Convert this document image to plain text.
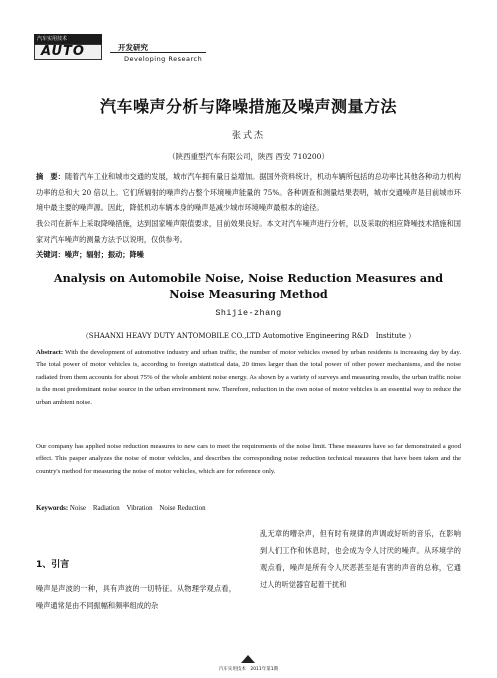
汽车实用技术
AUTO	开发研究
Developing Research
汽车噪声分析与降噪措施及噪声测量方法
张式杰
（陕西重型汽车有限公司，陕西 西安 710200）
摘　要：随着汽车工业和城市交通的发展，城市汽车拥有量日益增加。据国外资料统计，机动车辆所包括的总功率比其他各种动力机构功率的总和大 20 倍以上。它们所辐射的噪声约占整个环境噪声能量的 75%。各种调查和测量结果表明，城市交通噪声是目前城市环境中最主要的噪声源。因此，降低机动车辆本身的噪声是减少城市环境噪声最根本的途径。
我公司在新车上采取降噪措施，达到国家噪声限值要求，目前效果良好。本文对汽车噪声进行分析，以及采取的相应降噪技术措施和国家对汽车噪声的测量方法予以说明，仅供参考。
关键词：噪声；辐射；振动；降噪
Analysis on Automobile Noise, Noise Reduction Measures and Noise Measuring Method
Shijie-zhang
（SHAANXI HEAVY DUTY ANTOMOBILE CO.,LTD Automotive Engineering R&D　Institute ）
Abstract: With the development of automotive industry and urban traffic, the number of motor vehicles owned by urban residents is increasing day by day. The total power of motor vehicles is, according to foreign statistical data, 20 times larger than the total power of other power mechanisms, and the noise radiated from them accounts for about 75% of the whole ambient noise energy. As shown by a variety of surveys and measuring results, the urban traffic noise is the most predominant noise source in the urban environment now. Therefore, reduction in the own noise of motor vehicles is an essential way to reduce the urban ambient noise.
Our company has applied noise reduction measures to new cars to meet the requirements of the noise limit. These measures have so far demonstrated a good effect. This pasper analyzes the noise of motor vehicles, and describes the corresponding noise reduction technical measures that have been taken and the country's method for measuring the noise of motor vehicles, which are for reference only.
Keywords: Noise　Radiation　Vibration　Noise Reduction
1、引言
噪声是声波的一种，具有声波的一切特征。从物理学观点看，噪声通常是由不同振幅和频率组成的杂
乱无章的嘈杂声，但有时有规律的声调或好听的音乐，在影响到人们工作和休息时，也会成为令人讨厌的噪声。从环境学的观点看，噪声是所有令人厌恶甚至是有害的声音的总称，它通过人的听觉器官起着干扰和
汽车实用技术　2011年第1期
